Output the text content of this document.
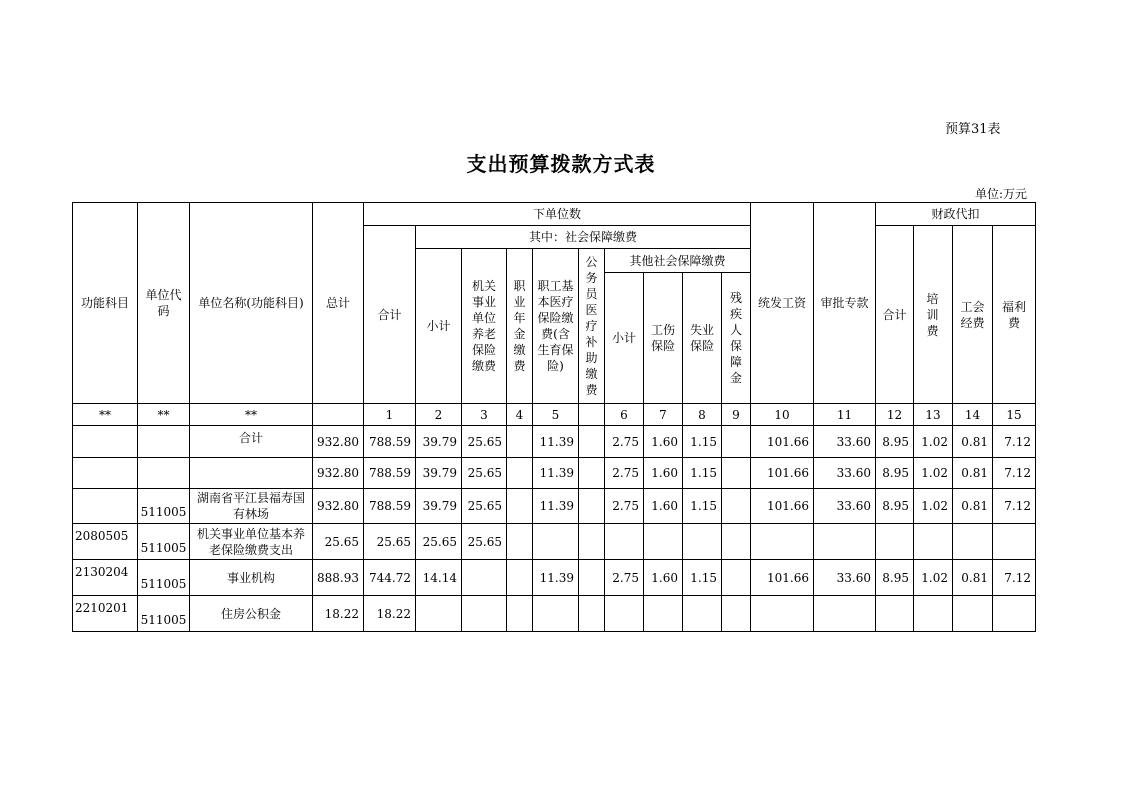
预算31表
支出预算拨款方式表
单位:万元
功能科目	单位代码	单位名称(功能科目)	总计	下单位数										统发工资	审批专款	财政代扣			
				合计	其中：社会保障缴费											合计	培训费	工会经费	福利费
					小计	机关事业单位养老保险缴费	职业年金缴费	职工基本医疗保险缴费(含生育保险)	公务员医疗补助缴费	其他社会保障缴费									
										小计	工伤保险	失业保险	残疾人保障金						
**	**	**		1	2	3	4	5		6	7	8	9	10	11	12	13	14	15
		合计	932.80	788.59	39.79	25.65		11.39		2.75	1.60	1.15		101.66	33.60	8.95	1.02	0.81	7.12
			932.80	788.59	39.79	25.65		11.39		2.75	1.60	1.15		101.66	33.60	8.95	1.02	0.81	7.12
	511005	湖南省平江县福寿国有林场	932.80	788.59	39.79	25.65		11.39		2.75	1.60	1.15		101.66	33.60	8.95	1.02	0.81	7.12
2080505	511005	机关事业单位基本养老保险缴费支出	25.65	25.65	25.65	25.65													
2130204	511005	事业机构	888.93	744.72	14.14			11.39		2.75	1.60	1.15		101.66	33.60	8.95	1.02	0.81	7.12
2210201	511005	住房公积金	18.22	18.22															
